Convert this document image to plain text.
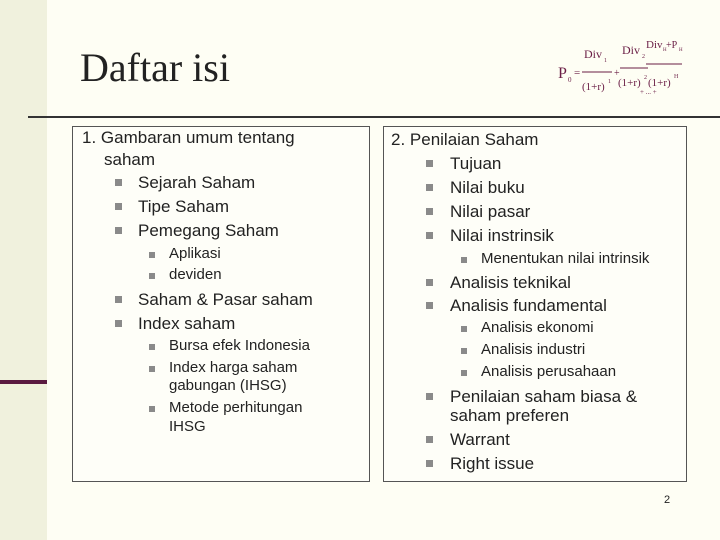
Daftar isi	P 0
=
Div 1
(1+r) 1
+
Div 2
(1+r) 2
+ ... +
Div H +P H
(1+r) H
1. Gambaran umum tentang
saham
Sejarah Saham
Tipe Saham
Pemegang Saham
Aplikasi
deviden
Saham & Pasar saham
Index saham
Bursa efek Indonesia
Index harga saham
gabungan (IHSG)
Metode perhitungan
IHSG
2. Penilaian Saham
Tujuan
Nilai buku
Nilai pasar
Nilai instrinsik
Menentukan nilai intrinsik
Analisis teknikal
Analisis fundamental
Analisis ekonomi
Analisis industri
Analisis perusahaan
Penilaian saham biasa &
saham preferen
Warrant
Right issue
2
